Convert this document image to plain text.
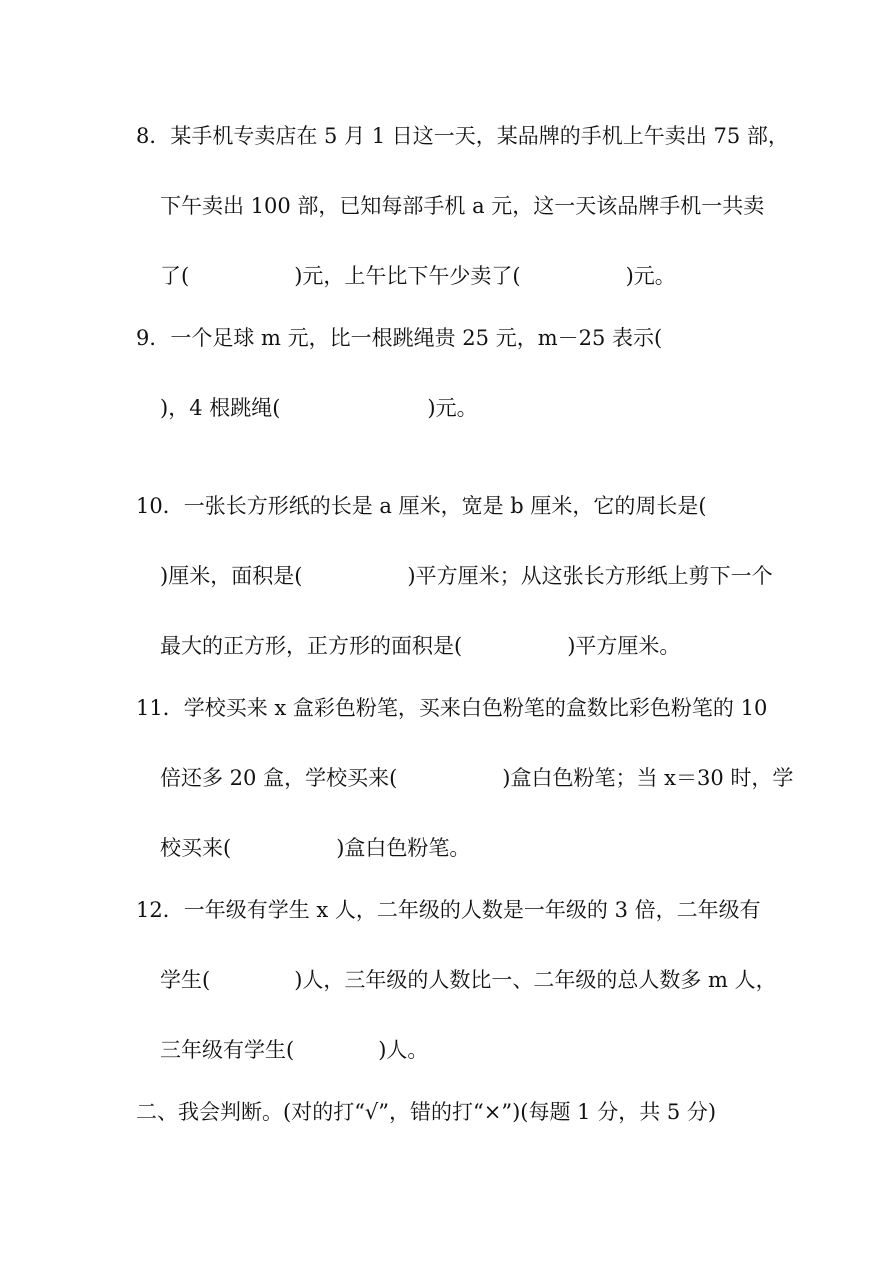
8．某手机专卖店在 5 月 1 日这一天，某品牌的手机上午卖出 75 部，
下午卖出 100 部，已知每部手机 a 元，这一天该品牌手机一共卖
了(　　　　　)元，上午比下午少卖了(　　　　　)元。
9．一个足球 m 元，比一根跳绳贵 25 元，m－25 表示(
)，4 根跳绳(　　　　　　　)元。
10．一张长方形纸的长是 a 厘米，宽是 b 厘米，它的周长是(
)厘米，面积是(　　　　　)平方厘米；从这张长方形纸上剪下一个
最大的正方形，正方形的面积是(　　　　　)平方厘米。
11．学校买来 x 盒彩色粉笔，买来白色粉笔的盒数比彩色粉笔的 10
倍还多 20 盒，学校买来(　　　　　)盒白色粉笔；当 x＝30 时，学
校买来(　　　　　)盒白色粉笔。
12．一年级有学生 x 人，二年级的人数是一年级的 3 倍，二年级有
学生(　　　　)人，三年级的人数比一、二年级的总人数多 m 人，
三年级有学生(　　　　)人。
二、我会判断。(对的打“√”，错的打“×”)(每题 1 分，共 5 分)
